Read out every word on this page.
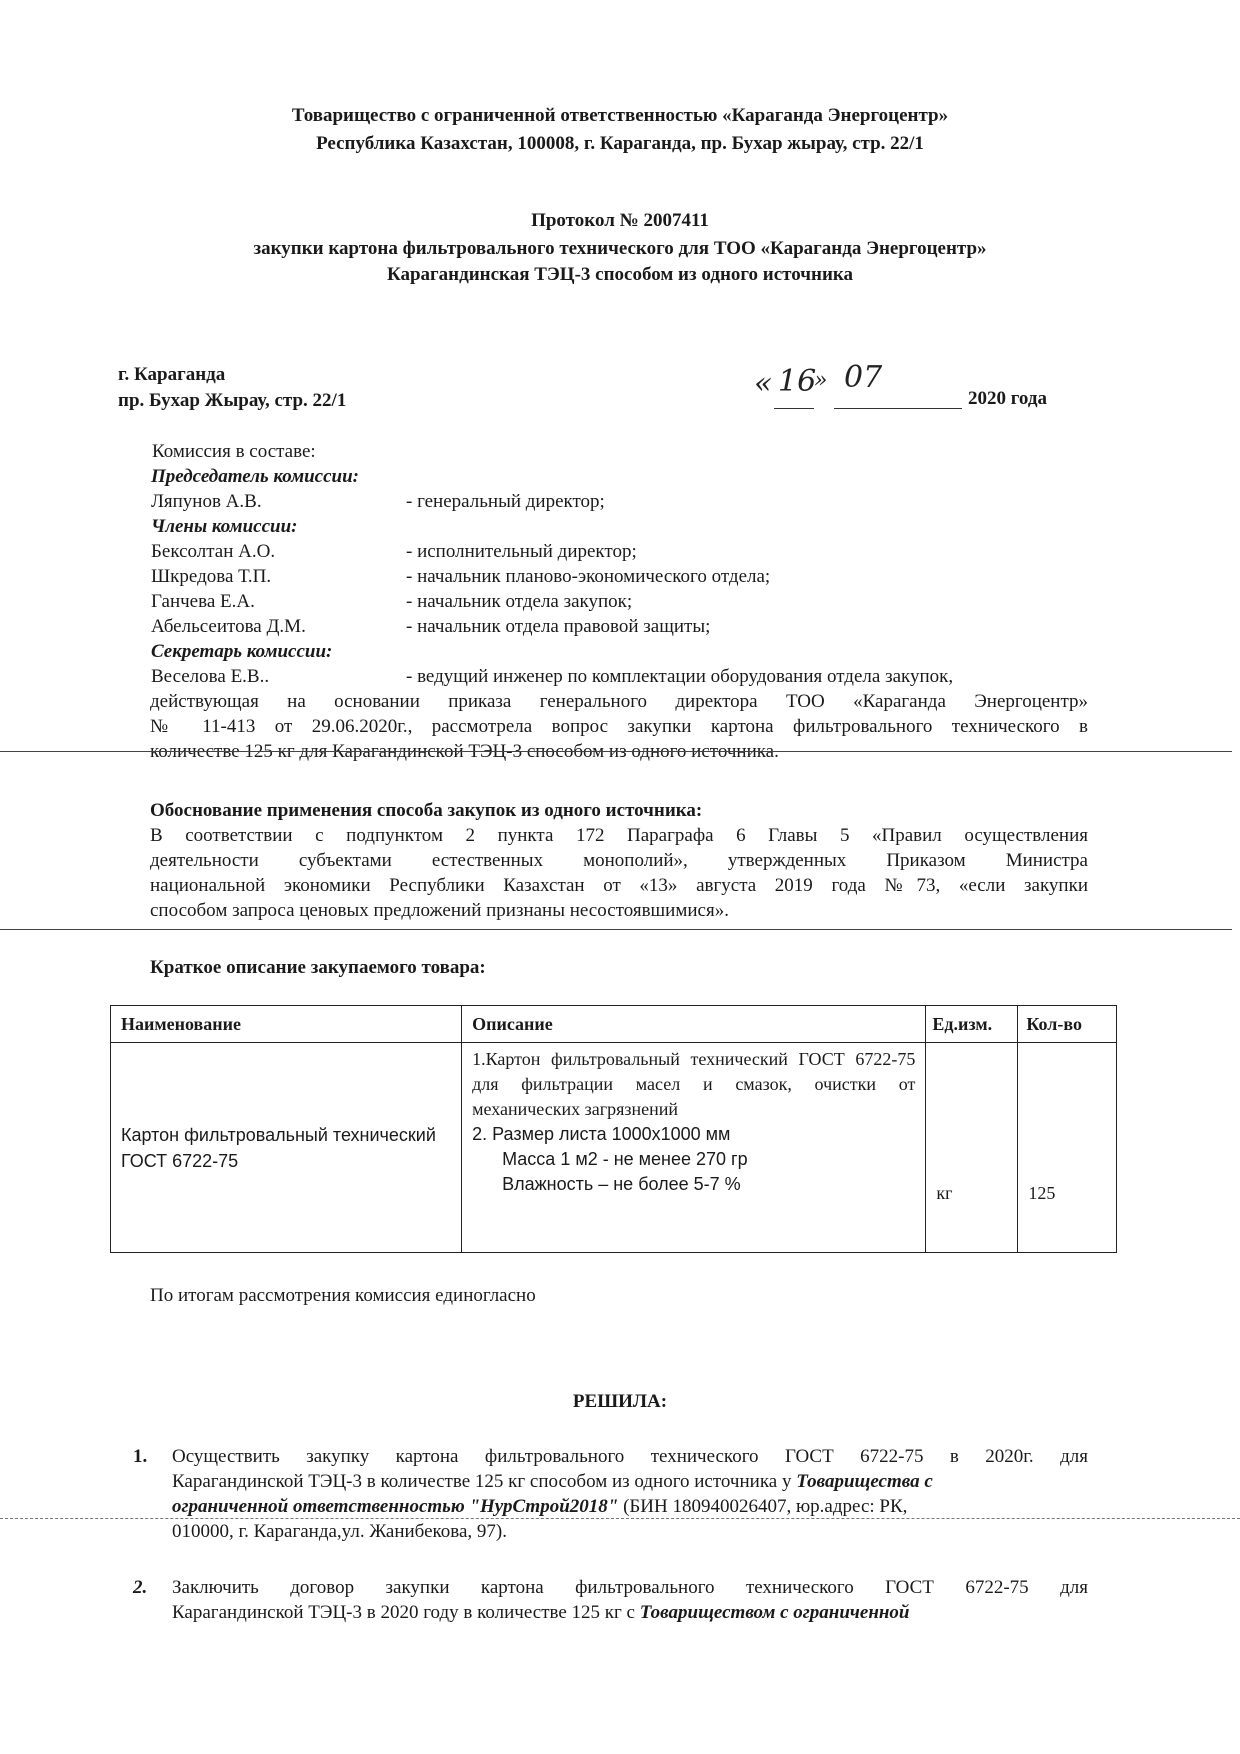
Товарищество с ограниченной ответственностью «Караганда Энергоцентр»
Республика Казахстан, 100008, г. Караганда, пр. Бухар жырау, стр. 22/1
Протокол № 2007411
закупки картона фильтровального технического для ТОО «Караганда Энергоцентр»
Карагандинская ТЭЦ-3 способом из одного источника
г. Караганда
пр. Бухар Жырау, стр. 22/1	« 16
» 07
2020 года
Комиссия в составе:
Председатель комиссии:
Ляпунов А.В.	- генеральный директор;
Члены комиссии:
Бексолтан А.О.	- исполнительный директор;
Шкредова Т.П.	- начальник планово-экономического отдела;
Ганчева Е.А.	- начальник отдела закупок;
Абельсеитова Д.М.	- начальник отдела правовой защиты;
Секретарь комиссии:
Веселова Е.В..	- ведущий инженер по комплектации оборудования отдела закупок,
действующая на основании приказа генерального директора ТОО «Караганда Энергоцентр»
№ 11-413 от 29.06.2020г., рассмотрела вопрос закупки картона фильтровального технического в
количестве 125 кг для Карагандинской ТЭЦ-3 способом из одного источника.
Обоснование применения способа закупок из одного источника:
В соответствии с подпунктом 2 пункта 172 Параграфа 6 Главы 5 «Правил осуществления
деятельности субъектами естественных монополий», утвержденных Приказом Министра
национальной экономики Республики Казахстан от «13» августа 2019 года №73, «если закупки
способом запроса ценовых предложений признаны несостоявшимися».
Краткое описание закупаемого товара:
Наименование	Описание	Ед.изм.	Кол-во
Картон фильтровальный технический ГОСТ 6722-75	1.Картон фильтровальный технический ГОСТ 6722-75 для фильтрации масел и смазок, очистки от механических загрязнений
2. Размер листа 1000х1000 мм
Масса 1 м2 - не менее 270 гр
Влажность – не более 5-7 %	кг	125
По итогам рассмотрения комиссия единогласно
РЕШИЛА:
1. Осуществить закупку картона фильтровального технического ГОСТ 6722-75 в 2020г. для
Карагандинской ТЭЦ-3 в количестве 125 кг способом из одного источника у Товарищества с
ограниченной ответственностью "НурСтрой2018" (БИН 180940026407, юр.адрес: РК,
010000, г. Караганда,ул. Жанибекова, 97).
2. Заключить договор закупки картона фильтровального технического ГОСТ 6722-75 для
Карагандинской ТЭЦ-3 в 2020 году в количестве 125 кг с Товариществом с ограниченной
